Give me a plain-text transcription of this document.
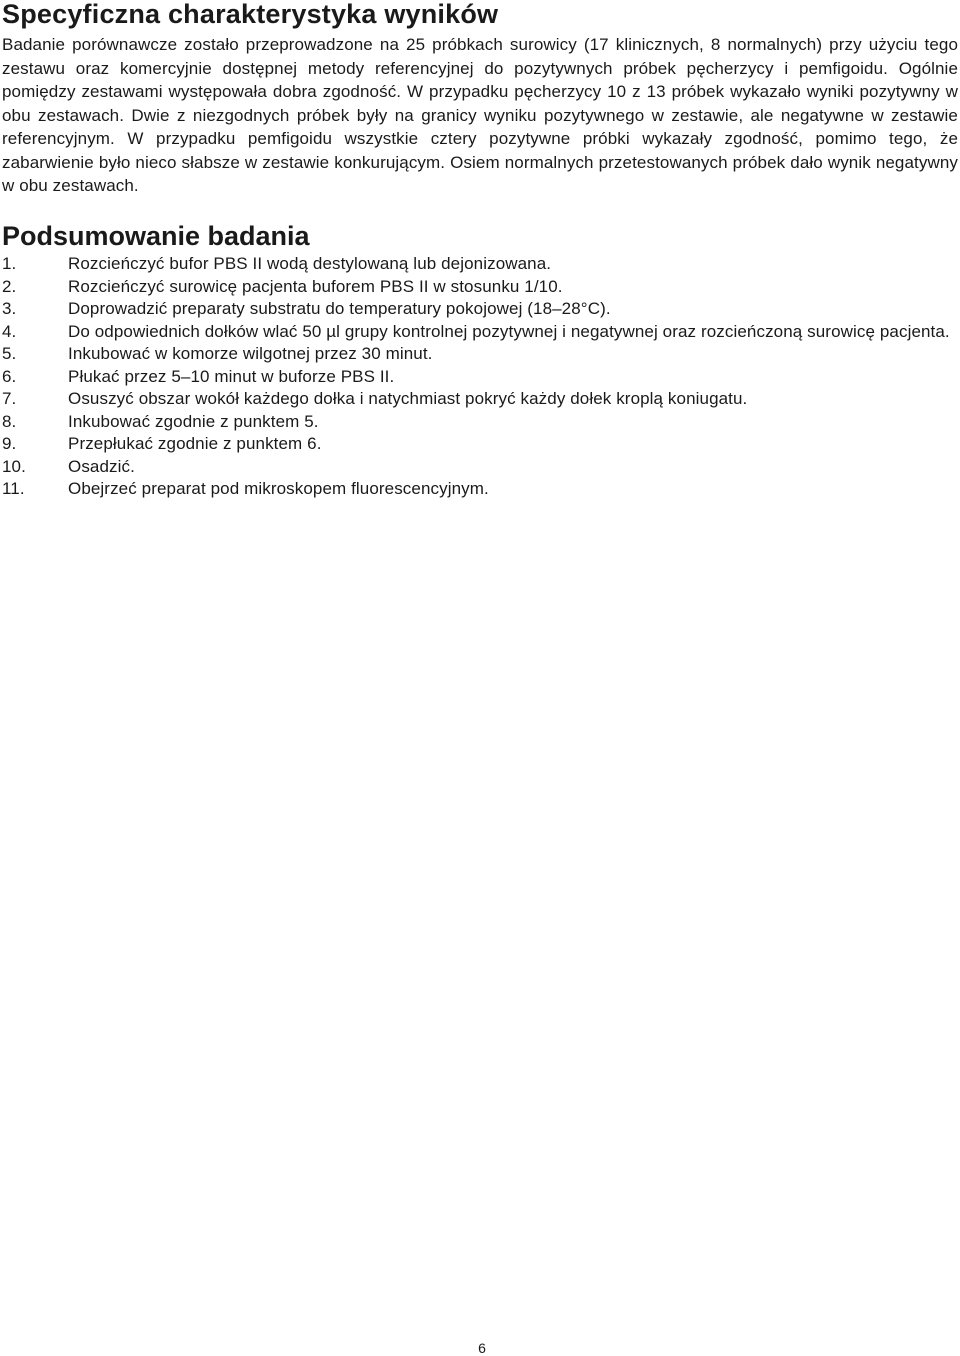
Specyficzna charakterystyka wyników

Badanie porównawcze zostało przeprowadzone na 25 próbkach surowicy (17 klinicznych, 8 normalnych) przy użyciu tego zestawu oraz komercyjnie dostępnej metody referencyjnej do pozytywnych próbek pęcherzycy i pemfigoidu. Ogólnie pomiędzy zestawami występowała dobra zgodność. W przypadku pęcherzycy 10 z 13 próbek wykazało wyniki pozytywny w obu zestawach. Dwie z niezgodnych próbek były na granicy wyniku pozytywnego w zestawie, ale negatywne w zestawie referencyjnym. W przypadku pemfigoidu wszystkie cztery pozytywne próbki wykazały zgodność, pomimo tego, że zabarwienie było nieco słabsze w zestawie konkurującym. Osiem normalnych przetestowanych próbek dało wynik negatywny w obu zestawach.

Podsumowanie badania
1.	Rozcieńczyć bufor PBS II wodą destylowaną lub dejonizowana.
2.	Rozcieńczyć surowicę pacjenta buforem PBS II w stosunku 1/10.
3.	Doprowadzić preparaty substratu do temperatury pokojowej (18–28°C).
4.	Do odpowiednich dołków wlać 50 µl grupy kontrolnej pozytywnej i negatywnej oraz rozcieńczoną surowicę pacjenta.
5.	Inkubować w komorze wilgotnej przez 30 minut.
6.	Płukać przez 5–10 minut w buforze PBS II.
7.	Osuszyć obszar wokół każdego dołka i natychmiast pokryć każdy dołek kroplą koniugatu.
8.	Inkubować zgodnie z punktem 5.
9.	Przepłukać zgodnie z punktem 6.
10.	Osadzić.
11.	Obejrzeć preparat pod mikroskopem fluorescencyjnym.
6
